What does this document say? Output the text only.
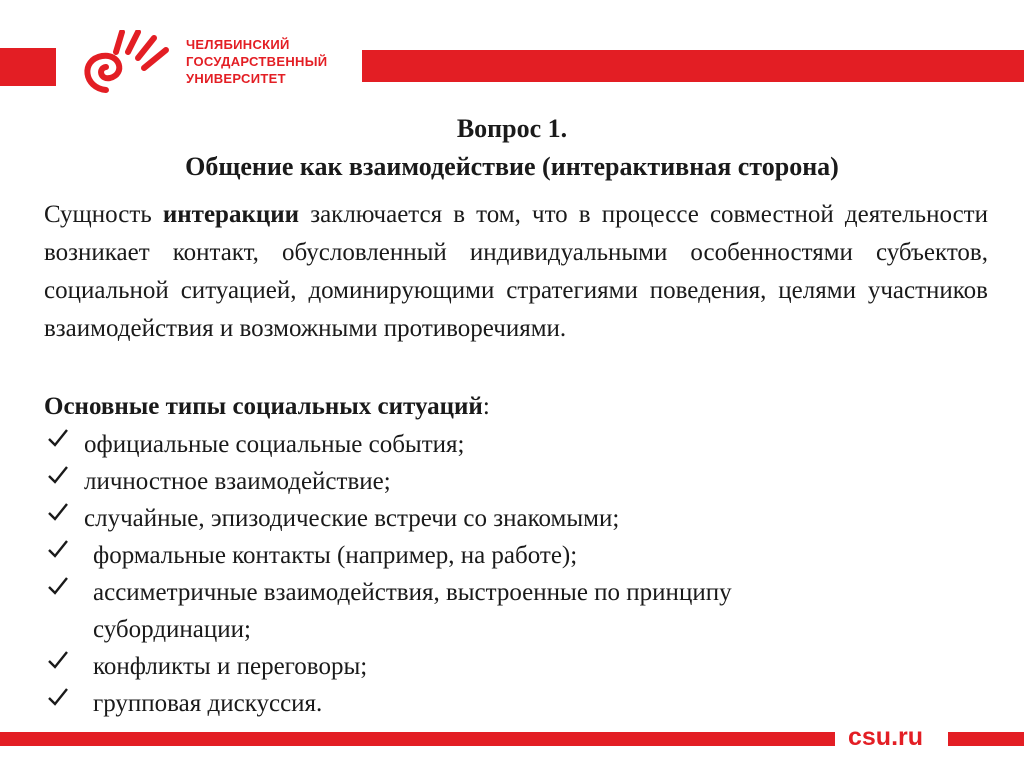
ЧЕЛЯБИНСКИЙ
ГОСУДАРСТВЕННЫЙ
УНИВЕРСИТЕТ
Вопрос 1.
Общение как взаимодействие (интерактивная сторона)
Сущность интеракции заключается в том, что в процессе совместной деятельности возникает контакт, обусловленный индивидуальными особенностями субъектов, социальной ситуацией, доминирующими стратегиями поведения, целями участников взаимодействия и возможными противоречиями.
Основные типы социальных ситуаций:
официальные социальные события;
личностное взаимодействие;
случайные, эпизодические встречи со знакомыми;
формальные контакты (например, на работе);
ассиметричные взаимодействия, выстроенные по принципу
субординации;
конфликты и переговоры;
групповая дискуссия.
csu.ru
